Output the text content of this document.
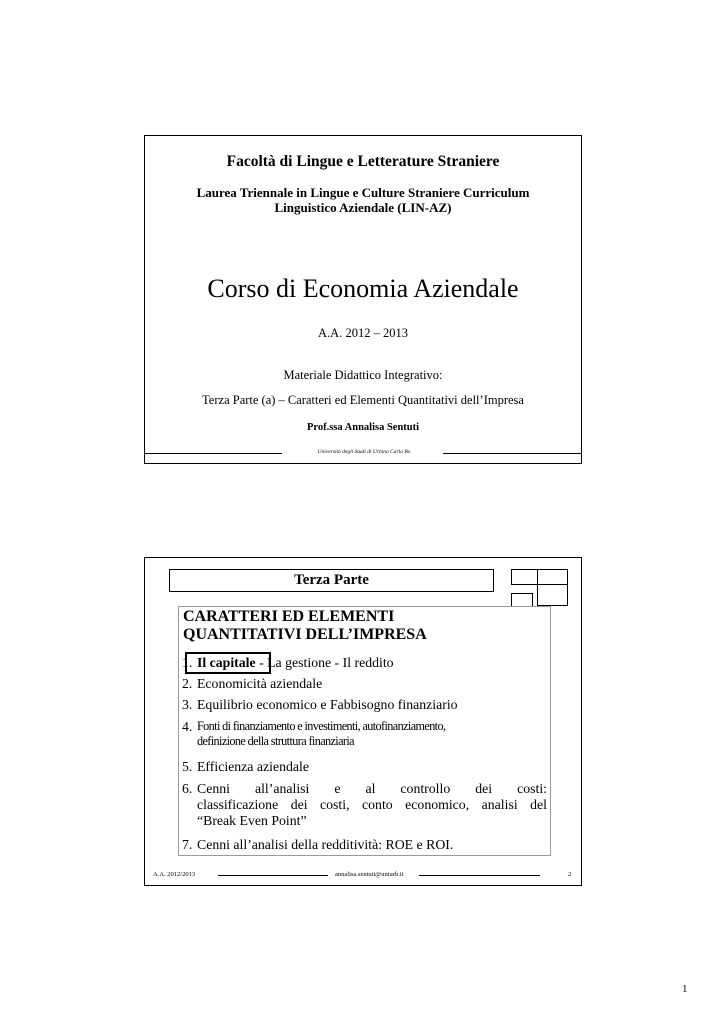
Facoltà di Lingue e Letterature Straniere
Laurea Triennale in Lingue e Culture Straniere Curriculum
Linguistico Aziendale (LIN-AZ)
Corso di Economia Aziendale
A.A. 2012 – 2013
Materiale Didattico Integrativo:
Terza Parte (a) – Caratteri ed Elementi Quantitativi dell’Impresa
Prof.ssa Annalisa Sentuti
Università degli Studi di Urbino Carlo Bo
Terza Parte
CARATTERI ED ELEMENTI
QUANTITATIVI DELL’IMPRESA
1. Il capitale - La gestione - Il reddito
2. Economicità aziendale
3. Equilibrio economico e Fabbisogno finanziario
4. Fonti di finanziamento e investimenti, autofinanziamento,
definizione della struttura finanziaria
5. Efficienza aziendale
6. Cenni all’analisi e al controllo dei costi:
classificazione dei costi, conto economico, analisi del
“Break Even Point”
7. Cenni all’analisi della redditività: ROE e ROI.
A.A. 2012/2013	annalisa.sentuti@uniurb.it	2
1
